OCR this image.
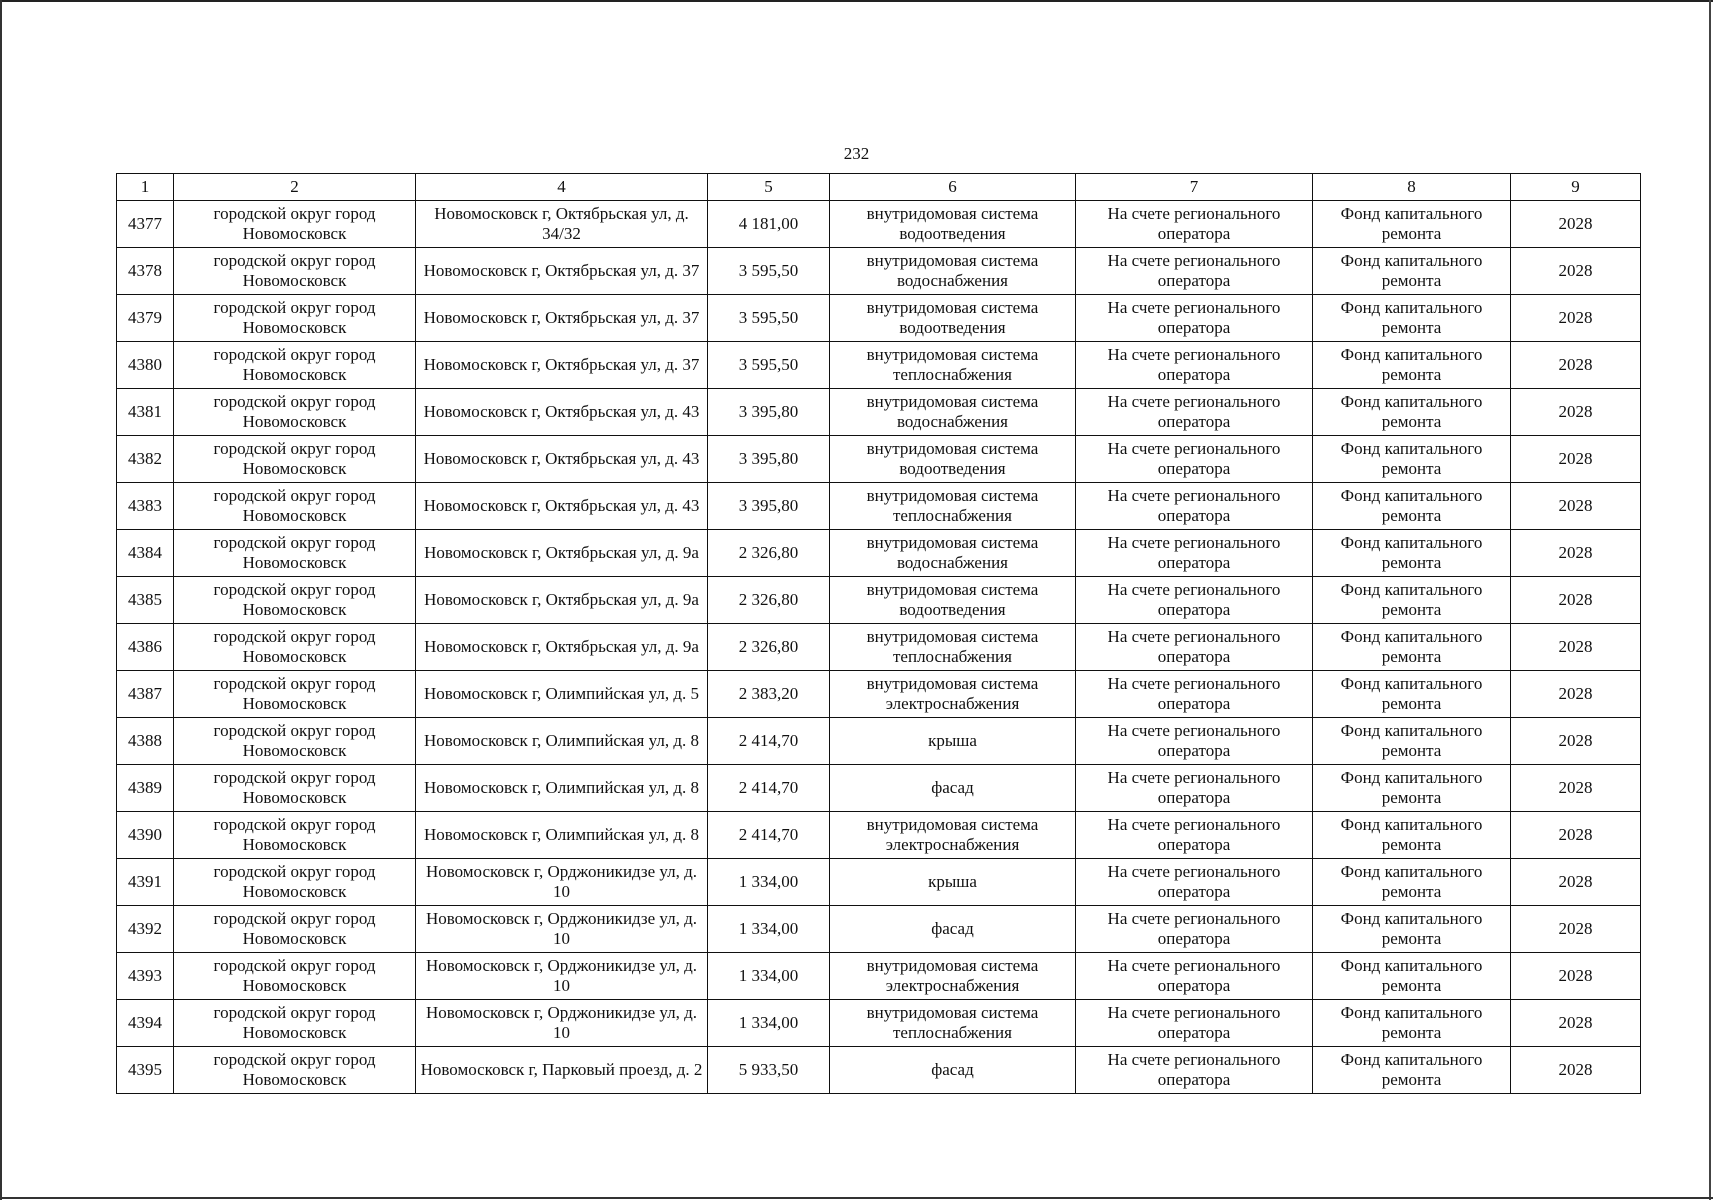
232
1	2	4	5	6	7	8	9
4377	городской округ город Новомосковск	Новомосковск г, Октябрьская ул, д. 34/32	4 181,00	внутридомовая система водоотведения	На счете регионального оператора	Фонд капитального ремонта	2028
4378	городской округ город Новомосковск	Новомосковск г, Октябрьская ул, д. 37	3 595,50	внутридомовая система водоснабжения	На счете регионального оператора	Фонд капитального ремонта	2028
4379	городской округ город Новомосковск	Новомосковск г, Октябрьская ул, д. 37	3 595,50	внутридомовая система водоотведения	На счете регионального оператора	Фонд капитального ремонта	2028
4380	городской округ город Новомосковск	Новомосковск г, Октябрьская ул, д. 37	3 595,50	внутридомовая система теплоснабжения	На счете регионального оператора	Фонд капитального ремонта	2028
4381	городской округ город Новомосковск	Новомосковск г, Октябрьская ул, д. 43	3 395,80	внутридомовая система водоснабжения	На счете регионального оператора	Фонд капитального ремонта	2028
4382	городской округ город Новомосковск	Новомосковск г, Октябрьская ул, д. 43	3 395,80	внутридомовая система водоотведения	На счете регионального оператора	Фонд капитального ремонта	2028
4383	городской округ город Новомосковск	Новомосковск г, Октябрьская ул, д. 43	3 395,80	внутридомовая система теплоснабжения	На счете регионального оператора	Фонд капитального ремонта	2028
4384	городской округ город Новомосковск	Новомосковск г, Октябрьская ул, д. 9а	2 326,80	внутридомовая система водоснабжения	На счете регионального оператора	Фонд капитального ремонта	2028
4385	городской округ город Новомосковск	Новомосковск г, Октябрьская ул, д. 9а	2 326,80	внутридомовая система водоотведения	На счете регионального оператора	Фонд капитального ремонта	2028
4386	городской округ город Новомосковск	Новомосковск г, Октябрьская ул, д. 9а	2 326,80	внутридомовая система теплоснабжения	На счете регионального оператора	Фонд капитального ремонта	2028
4387	городской округ город Новомосковск	Новомосковск г, Олимпийская ул, д. 5	2 383,20	внутридомовая система электроснабжения	На счете регионального оператора	Фонд капитального ремонта	2028
4388	городской округ город Новомосковск	Новомосковск г, Олимпийская ул, д. 8	2 414,70	крыша	На счете регионального оператора	Фонд капитального ремонта	2028
4389	городской округ город Новомосковск	Новомосковск г, Олимпийская ул, д. 8	2 414,70	фасад	На счете регионального оператора	Фонд капитального ремонта	2028
4390	городской округ город Новомосковск	Новомосковск г, Олимпийская ул, д. 8	2 414,70	внутридомовая система электроснабжения	На счете регионального оператора	Фонд капитального ремонта	2028
4391	городской округ город Новомосковск	Новомосковск г, Орджоникидзе ул, д. 10	1 334,00	крыша	На счете регионального оператора	Фонд капитального ремонта	2028
4392	городской округ город Новомосковск	Новомосковск г, Орджоникидзе ул, д. 10	1 334,00	фасад	На счете регионального оператора	Фонд капитального ремонта	2028
4393	городской округ город Новомосковск	Новомосковск г, Орджоникидзе ул, д. 10	1 334,00	внутридомовая система электроснабжения	На счете регионального оператора	Фонд капитального ремонта	2028
4394	городской округ город Новомосковск	Новомосковск г, Орджоникидзе ул, д. 10	1 334,00	внутридомовая система теплоснабжения	На счете регионального оператора	Фонд капитального ремонта	2028
4395	городской округ город Новомосковск	Новомосковск г, Парковый проезд, д. 2	5 933,50	фасад	На счете регионального оператора	Фонд капитального ремонта	2028
